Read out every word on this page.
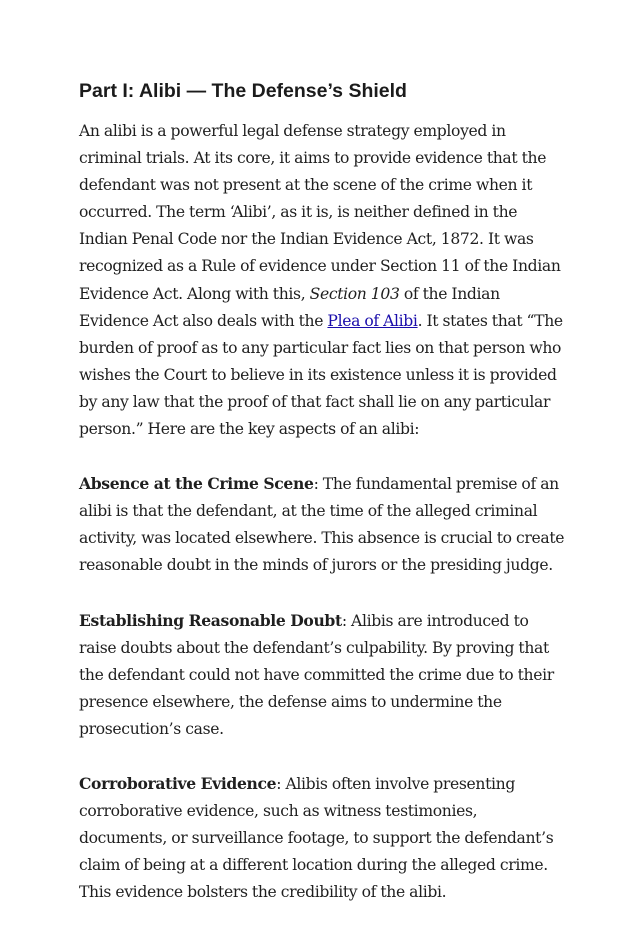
Part I: Alibi — The Defense’s Shield

An alibi is a powerful legal defense strategy employed in criminal trials. At its core, it aims to provide evidence that the defendant was not present at the scene of the crime when it occurred. The term ‘Alibi’, as it is, is neither defined in the Indian Penal Code nor the Indian Evidence Act, 1872. It was recognized as a Rule of evidence under Section 11 of the Indian Evidence Act. Along with this, Section 103 of the Indian Evidence Act also deals with the Plea of Alibi. It states that “The burden of proof as to any particular fact lies on that person who wishes the Court to believe in its existence unless it is provided by any law that the proof of that fact shall lie on any particular person.” Here are the key aspects of an alibi:

Absence at the Crime Scene: The fundamental premise of an alibi is that the defendant, at the time of the alleged criminal activity, was located elsewhere. This absence is crucial to create reasonable doubt in the minds of jurors or the presiding judge.

Establishing Reasonable Doubt: Alibis are introduced to raise doubts about the defendant’s culpability. By proving that the defendant could not have committed the crime due to their presence elsewhere, the defense aims to undermine the prosecution’s case.

Corroborative Evidence: Alibis often involve presenting corroborative evidence, such as witness testimonies, documents, or surveillance footage, to support the defendant’s claim of being at a different location during the alleged crime. This evidence bolsters the credibility of the alibi.
